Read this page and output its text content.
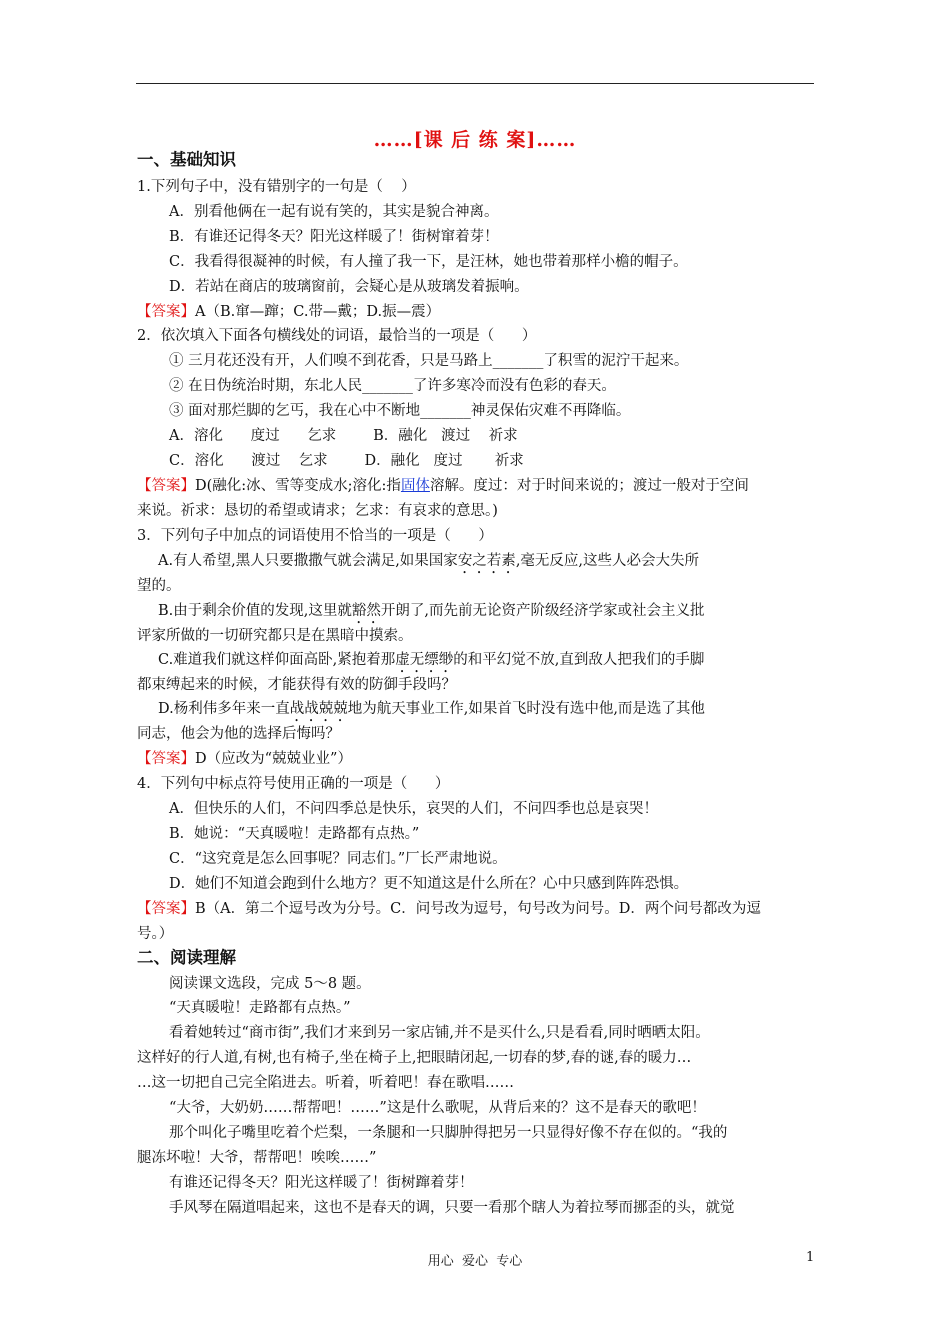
……[课 后 练 案]……
一、基础知识
1.下列句子中，没有错别字的一句是（    ）
A．别看他俩在一起有说有笑的，其实是貌合神离。
B．有谁还记得冬天？阳光这样暖了！街树窜着芽！
C．我看得很凝神的时候，有人撞了我一下，是汪林，她也带着那样小檐的帽子。
D．若站在商店的玻璃窗前，会疑心是从玻璃发着振响。
【答案】A（B.窜—蹿；C.带—戴；D.振—震）
2．依次填入下面各句横线处的词语，最恰当的一项是（      ）
① 三月花还没有开，人们嗅不到花香，只是马路上_______了积雪的泥泞干起来。
② 在日伪统治时期，东北人民_______了许多寒冷而没有色彩的春天。
③ 面对那烂脚的乞丐，我在心中不断地_______神灵保佑灾难不再降临。
A．溶化      度过      乞求        B．融化   渡过    祈求
C．溶化      渡过    乞求        D．融化   度过       祈求
【答案】D(融化:冰、雪等变成水;溶化:指固体溶解。度过：对于时间来说的；渡过一般对于空间
来说。祈求：恳切的希望或请求；乞求：有哀求的意思。)
3．下列句子中加点的词语使用不恰当的一项是（      ）
A.有人希望,黑人只要撒撒气就会满足,如果国家安之若素,毫无反应,这些人必会大失所
望的。
B.由于剩余价值的发现,这里就豁然开朗了,而先前无论资产阶级经济学家或社会主义批
评家所做的一切研究都只是在黑暗中摸索。
C.难道我们就这样仰面高卧,紧抱着那虚无缥缈的和平幻觉不放,直到敌人把我们的手脚
都束缚起来的时候，才能获得有效的防御手段吗？
D.杨利伟多年来一直战战兢兢地为航天事业工作,如果首飞时没有选中他,而是选了其他
同志，他会为他的选择后悔吗？
【答案】D（应改为“兢兢业业”）
4．下列句中标点符号使用正确的一项是（      ）
A．但快乐的人们，不问四季总是快乐，哀哭的人们，不问四季也总是哀哭！
B．她说：“天真暖啦！走路都有点热。”
C．“这究竟是怎么回事呢？同志们。”厂长严肃地说。
D．她们不知道会跑到什么地方？更不知道这是什么所在？心中只感到阵阵恐惧。
【答案】B（A．第二个逗号改为分号。C．问号改为逗号，句号改为问号。D．两个问号都改为逗
号。）
二、阅读理解
阅读课文选段，完成 5～8 题。
“天真暖啦！走路都有点热。”
看着她转过“商市街”,我们才来到另一家店铺,并不是买什么,只是看看,同时晒晒太阳。
这样好的行人道,有树,也有椅子,坐在椅子上,把眼睛闭起,一切春的梦,春的谜,春的暖力…
…这一切把自己完全陷进去。听着，听着吧！春在歌唱……
“大爷，大奶奶……帮帮吧！……”这是什么歌呢，从背后来的？这不是春天的歌吧！
那个叫化子嘴里吃着个烂梨，一条腿和一只脚肿得把另一只显得好像不存在似的。“我的
腿冻坏啦！大爷，帮帮吧！唉唉……”
有谁还记得冬天？阳光这样暖了！街树蹿着芽！
手风琴在隔道唱起来，这也不是春天的调，只要一看那个瞎人为着拉琴而挪歪的头，就觉
用心  爱心  专心	1
